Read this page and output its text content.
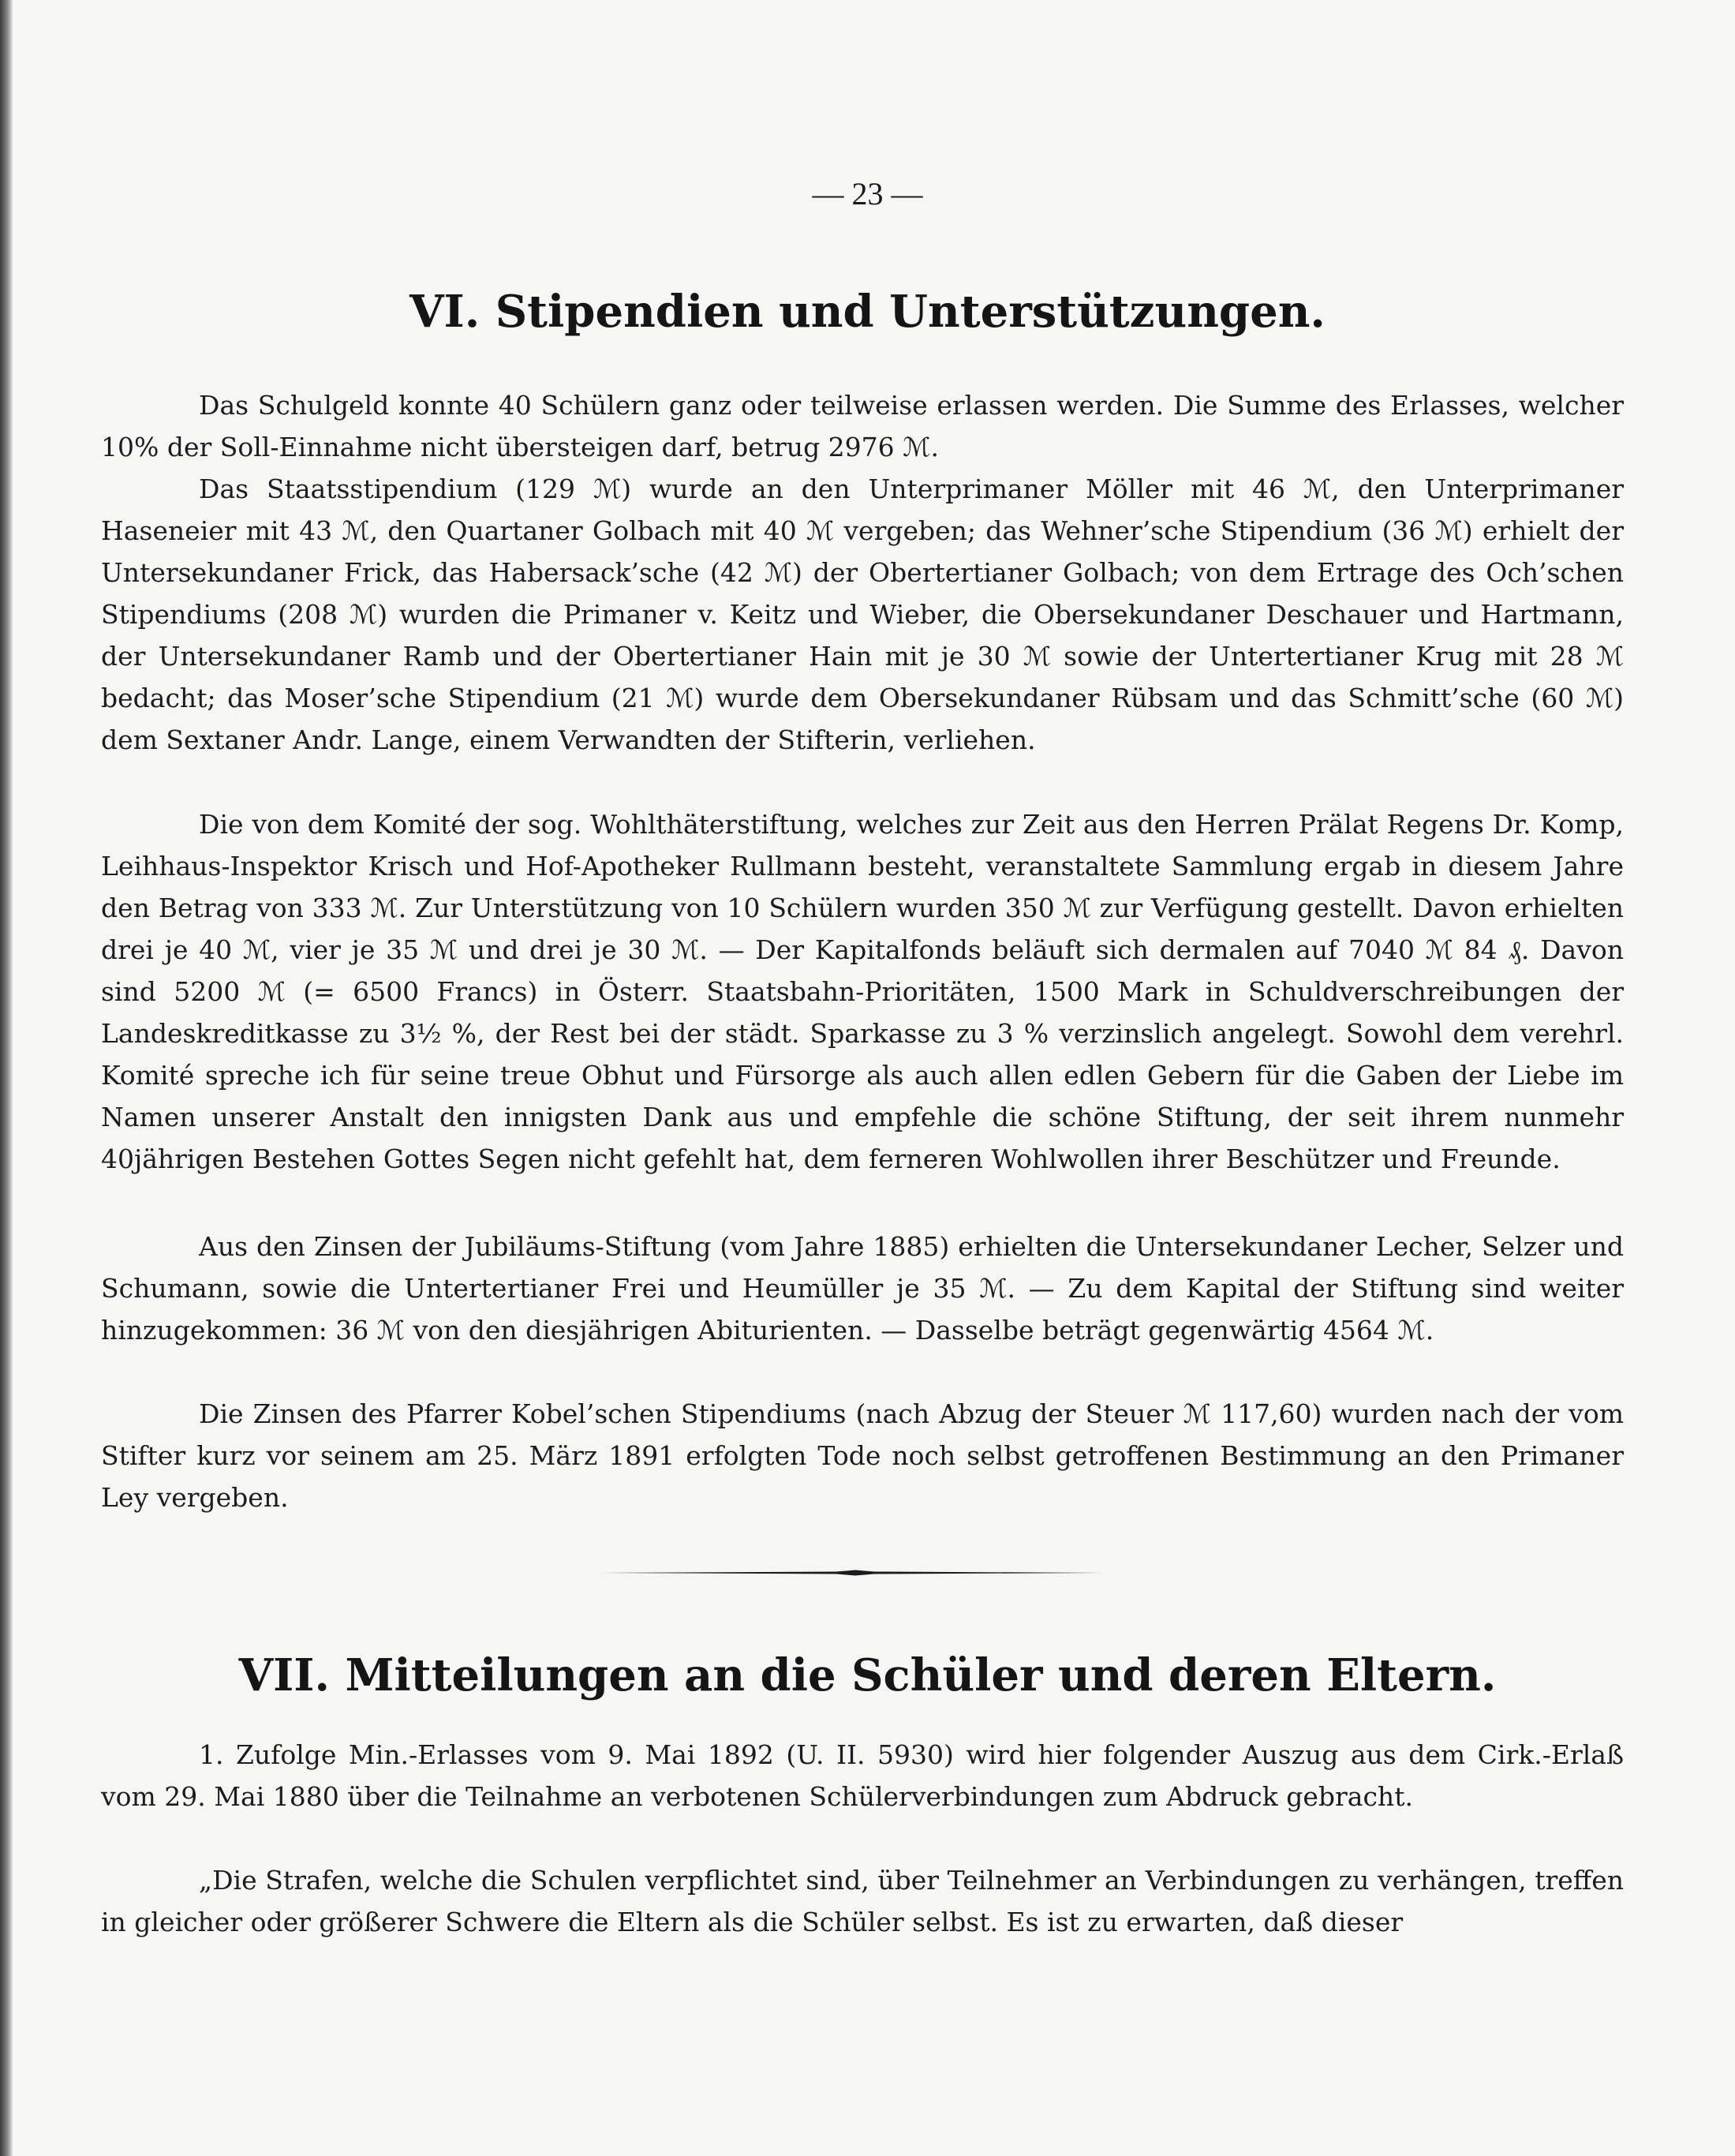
— 23 —
VI. Stipendien und Unterstützungen.

Das Schulgeld konnte 40 Schülern ganz oder teilweise erlassen werden. Die Summe des Erlasses, welcher 10% der Soll-Einnahme nicht übersteigen darf, betrug 2976 ℳ.

Das Staatsstipendium (129 ℳ) wurde an den Unterprimaner Möller mit 46 ℳ, den Unterprimaner Haseneier mit 43 ℳ, den Quartaner Golbach mit 40 ℳ vergeben; das Wehner’sche Stipendium (36 ℳ) erhielt der Untersekundaner Frick, das Habersack’sche (42 ℳ) der Obertertianer Golbach; von dem Ertrage des Och’schen Stipendiums (208 ℳ) wurden die Primaner v. Keitz und Wieber, die Obersekundaner Deschauer und Hartmann, der Untersekundaner Ramb und der Obertertianer Hain mit je 30 ℳ sowie der Untertertianer Krug mit 28 ℳ bedacht; das Moser’sche Stipendium (21 ℳ) wurde dem Obersekundaner Rübsam und das Schmitt’sche (60 ℳ) dem Sextaner Andr. Lange, einem Verwandten der Stifterin, verliehen.

Die von dem Komité der sog. Wohlthäterstiftung, welches zur Zeit aus den Herren Prälat Regens Dr. Komp, Leihhaus-Inspektor Krisch und Hof-Apotheker Rullmann besteht, veranstaltete Sammlung ergab in diesem Jahre den Betrag von 333 ℳ. Zur Unterstützung von 10 Schülern wurden 350 ℳ zur Verfügung gestellt. Davon erhielten drei je 40 ℳ, vier je 35 ℳ und drei je 30 ℳ. — Der Kapitalfonds beläuft sich dermalen auf 7040 ℳ 84 ₰. Davon sind 5200 ℳ (= 6500 Francs) in Österr. Staatsbahn-Prioritäten, 1500 Mark in Schuldverschreibungen der Landeskreditkasse zu 3½ %, der Rest bei der städt. Sparkasse zu 3 % verzinslich angelegt. Sowohl dem verehrl. Komité spreche ich für seine treue Obhut und Fürsorge als auch allen edlen Gebern für die Gaben der Liebe im Namen unserer Anstalt den innigsten Dank aus und empfehle die schöne Stiftung, der seit ihrem nunmehr 40jährigen Bestehen Gottes Segen nicht gefehlt hat, dem ferneren Wohlwollen ihrer Beschützer und Freunde.

Aus den Zinsen der Jubiläums-Stiftung (vom Jahre 1885) erhielten die Untersekundaner Lecher, Selzer und Schumann, sowie die Untertertianer Frei und Heumüller je 35 ℳ. — Zu dem Kapital der Stiftung sind weiter hinzugekommen: 36 ℳ von den diesjährigen Abiturienten. — Dasselbe beträgt gegenwärtig 4564 ℳ.

Die Zinsen des Pfarrer Kobel’schen Stipendiums (nach Abzug der Steuer ℳ 117,60) wurden nach der vom Stifter kurz vor seinem am 25. März 1891 erfolgten Tode noch selbst getroffenen Bestimmung an den Primaner Ley vergeben.

VII. Mitteilungen an die Schüler und deren Eltern.

1. Zufolge Min.-Erlasses vom 9. Mai 1892 (U. II. 5930) wird hier folgender Auszug aus dem Cirk.-Erlaß vom 29. Mai 1880 über die Teilnahme an verbotenen Schülerverbindungen zum Abdruck gebracht.

„Die Strafen, welche die Schulen verpflichtet sind, über Teilnehmer an Verbindungen zu verhängen, treffen in gleicher oder größerer Schwere die Eltern als die Schüler selbst. Es ist zu erwarten, daß dieser
